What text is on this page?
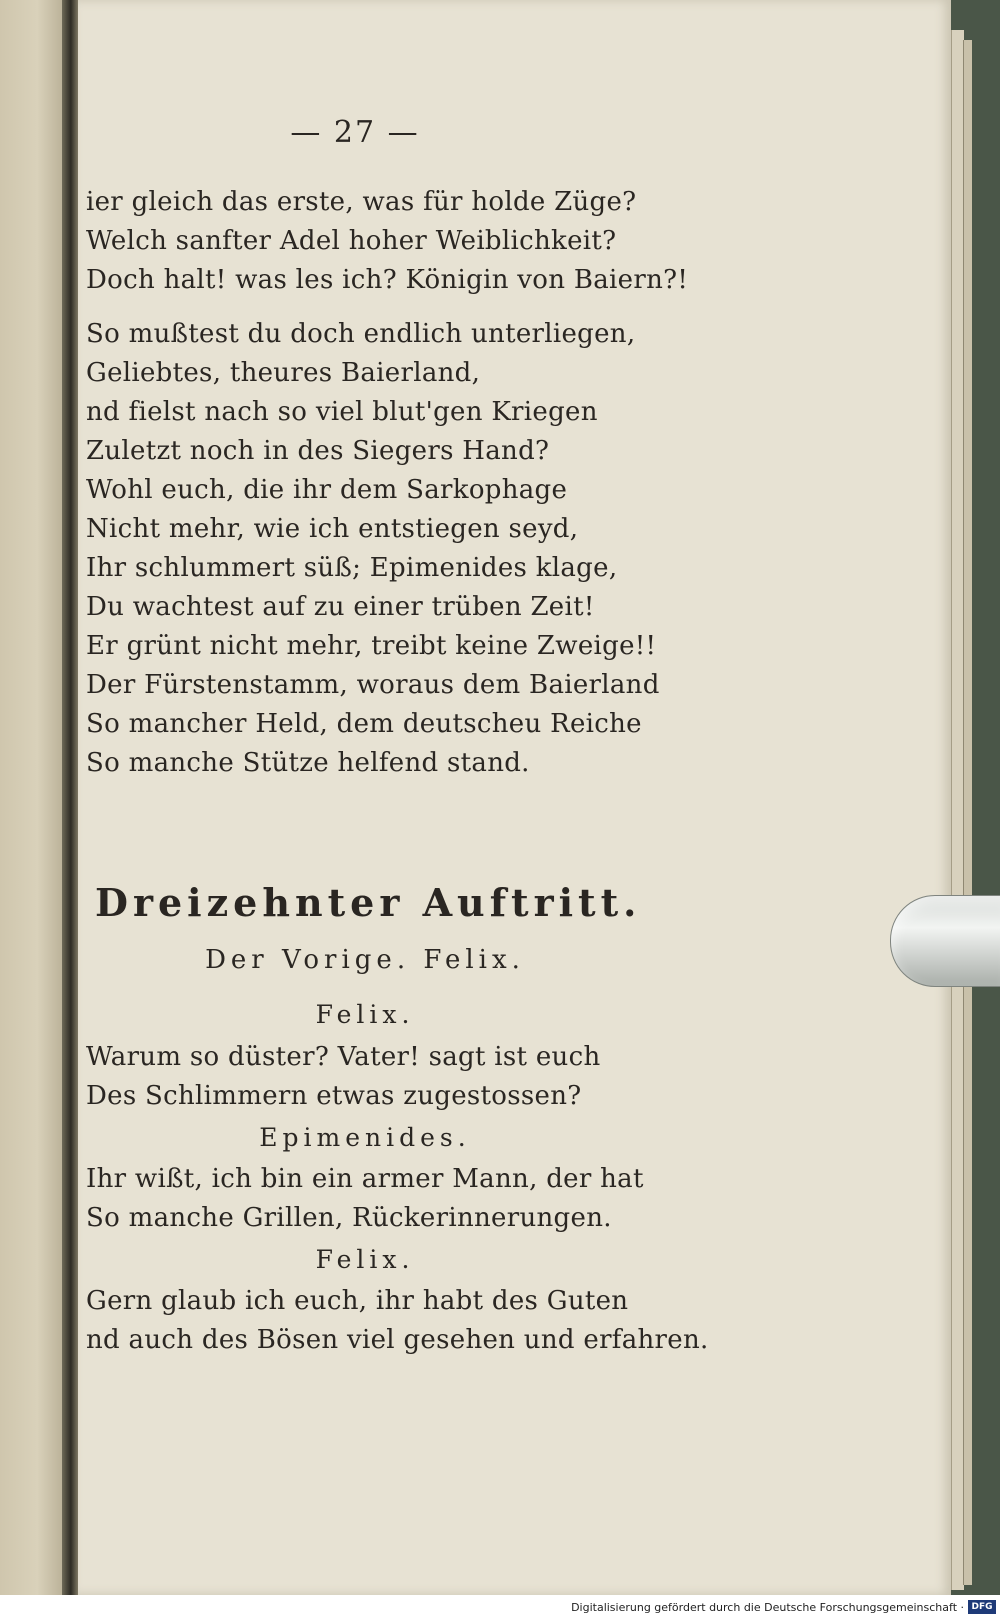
— 27 —
ier gleich das erste, was für holde Züge?
Welch sanfter Adel hoher Weiblichkeit?
Doch halt! was les ich? Königin von Baiern?!
So mußtest du doch endlich unterliegen,
Geliebtes, theures Baierland,
nd fielst nach so viel blut'gen Kriegen
Zuletzt noch in des Siegers Hand?
Wohl euch, die ihr dem Sarkophage
Nicht mehr, wie ich entstiegen seyd,
Ihr schlummert süß; Epimenides klage,
Du wachtest auf zu einer trüben Zeit!
Er grünt nicht mehr, treibt keine Zweige!!
Der Fürstenstamm, woraus dem Baierland
So mancher Held, dem deutscheu Reiche
So manche Stütze helfend stand.
Dreizehnter Auftritt.
Der Vorige. Felix.
Felix.
Warum so düster? Vater! sagt ist euch
Des Schlimmern etwas zugestossen?
Epimenides.
Ihr wißt, ich bin ein armer Mann, der hat
So manche Grillen, Rückerinnerungen.
Felix.
Gern glaub ich euch, ihr habt des Guten
nd auch des Bösen viel gesehen und erfahren.
Digitalisierung gefördert durch die Deutsche Forschungsgemeinschaft · DFG
